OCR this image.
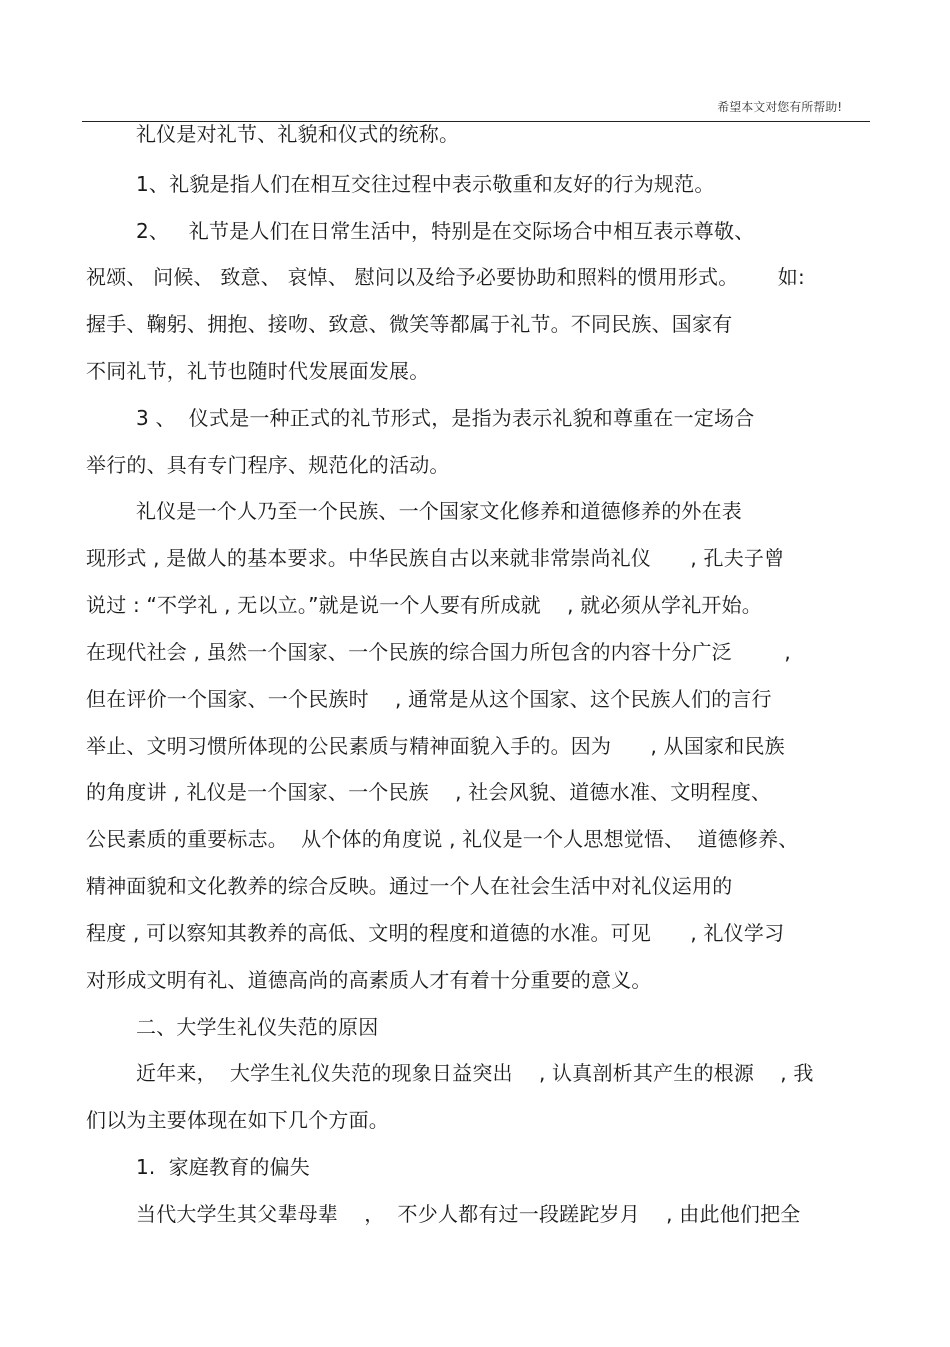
希望本文对您有所帮助!
礼仪是对礼节、礼貌和仪式的统称。
1、礼貌是指人们在相互交往过程中表示敬重和友好的行为规范。
2、   礼节是人们在日常生活中，特别是在交际场合中相互表示尊敬、
祝颂、 问候、 致意、 哀悼、 慰问以及给予必要协助和照料的惯用形式。      如:
握手、鞠躬、拥抱、接吻、致意、微笑等都属于礼节。不同民族、国家有
不同礼节，礼节也随时代发展面发展。
3 、  仪式是一种正式的礼节形式，是指为表示礼貌和尊重在一定场合
举行的、具有专门程序、规范化的活动。
礼仪是一个人乃至一个民族、一个国家文化修养和道德修养的外在表
现形式 , 是做人的基本要求。中华民族自古以来就非常崇尚礼仪      , 孔夫子曾
说过 : “不学礼 , 无以立。”就是说一个人要有所成就    , 就必须从学礼开始。
在现代社会 , 虽然一个国家、一个民族的综合国力所包含的内容十分广泛        ,
但在评价一个国家、一个民族时    , 通常是从这个国家、这个民族人们的言行
举止、文明习惯所体现的公民素质与精神面貌入手的。因为      , 从国家和民族
的角度讲 , 礼仪是一个国家、一个民族    , 社会风貌、道德水准、文明程度、
公民素质的重要标志。  从个体的角度说 , 礼仪是一个人思想觉悟、  道德修养、
精神面貌和文化教养的综合反映。通过一个人在社会生活中对礼仪运用的
程度 , 可以察知其教养的高低、文明的程度和道德的水准。可见      , 礼仪学习
对形成文明有礼、道德高尚的高素质人才有着十分重要的意义。
二、大学生礼仪失范的原因
近年来，  大学生礼仪失范的现象日益突出    , 认真剖析其产生的根源    , 我
们以为主要体现在如下几个方面。
1.  家庭教育的偏失
当代大学生其父辈母辈    ，  不少人都有过一段蹉跎岁月    , 由此他们把全
